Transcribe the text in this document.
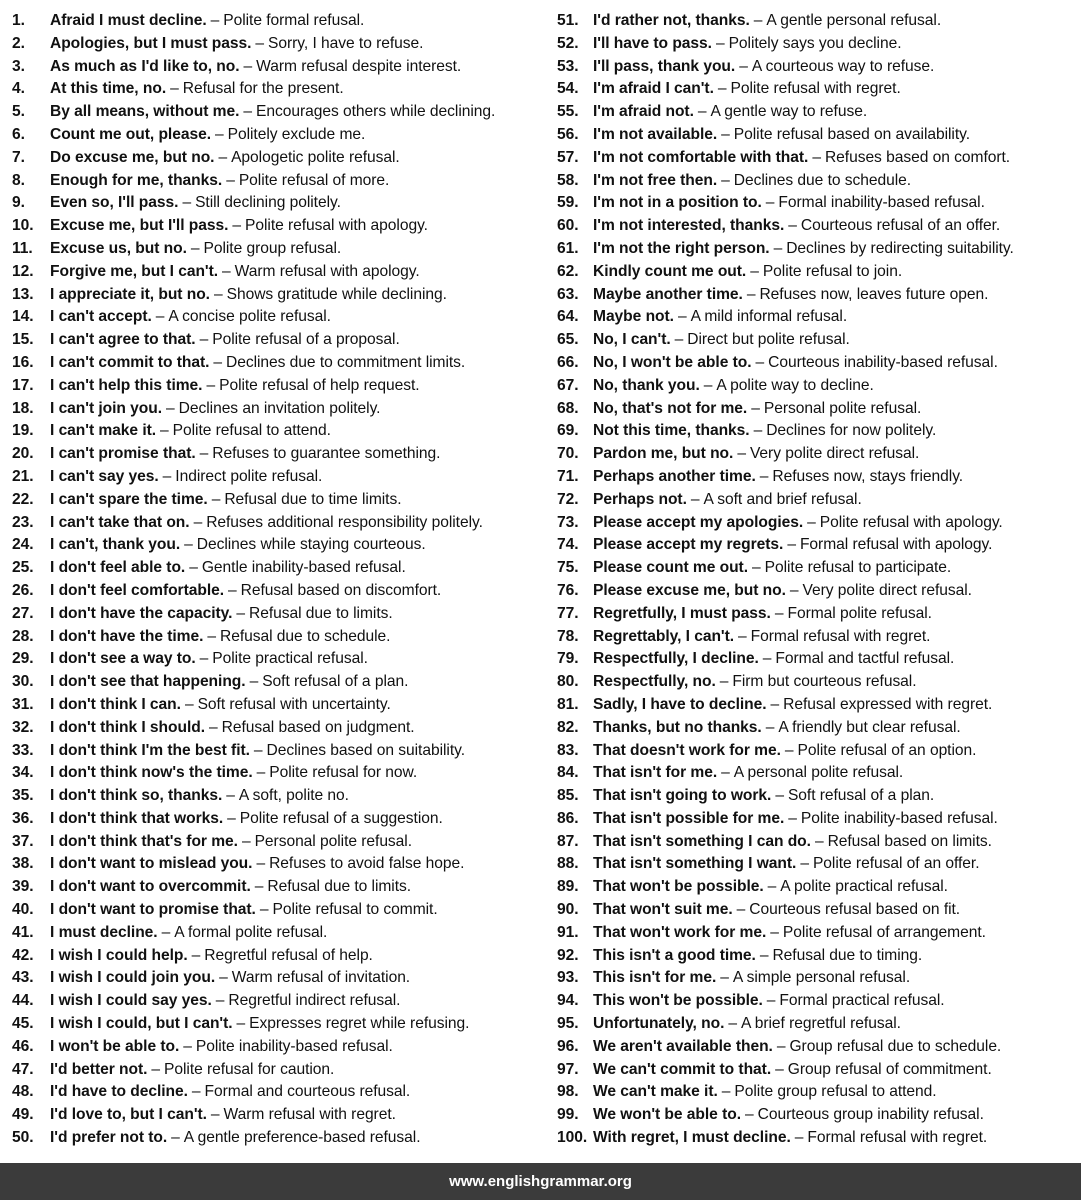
1.	Afraid I must decline. – Polite formal refusal.
2.	Apologies, but I must pass. – Sorry, I have to refuse.
3.	As much as I'd like to, no. – Warm refusal despite interest.
4.	At this time, no. – Refusal for the present.
5.	By all means, without me. – Encourages others while declining.
6.	Count me out, please. – Politely exclude me.
7.	Do excuse me, but no. – Apologetic polite refusal.
8.	Enough for me, thanks. – Polite refusal of more.
9.	Even so, I'll pass. – Still declining politely.
10.	Excuse me, but I'll pass. – Polite refusal with apology.
11.	Excuse us, but no. – Polite group refusal.
12.	Forgive me, but I can't. – Warm refusal with apology.
13.	I appreciate it, but no. – Shows gratitude while declining.
14.	I can't accept. – A concise polite refusal.
15.	I can't agree to that. – Polite refusal of a proposal.
16.	I can't commit to that. – Declines due to commitment limits.
17.	I can't help this time. – Polite refusal of help request.
18.	I can't join you. – Declines an invitation politely.
19.	I can't make it. – Polite refusal to attend.
20.	I can't promise that. – Refuses to guarantee something.
21.	I can't say yes. – Indirect polite refusal.
22.	I can't spare the time. – Refusal due to time limits.
23.	I can't take that on. – Refuses additional responsibility politely.
24.	I can't, thank you. – Declines while staying courteous.
25.	I don't feel able to. – Gentle inability-based refusal.
26.	I don't feel comfortable. – Refusal based on discomfort.
27.	I don't have the capacity. – Refusal due to limits.
28.	I don't have the time. – Refusal due to schedule.
29.	I don't see a way to. – Polite practical refusal.
30.	I don't see that happening. – Soft refusal of a plan.
31.	I don't think I can. – Soft refusal with uncertainty.
32.	I don't think I should. – Refusal based on judgment.
33.	I don't think I'm the best fit. – Declines based on suitability.
34.	I don't think now's the time. – Polite refusal for now.
35.	I don't think so, thanks. – A soft, polite no.
36.	I don't think that works. – Polite refusal of a suggestion.
37.	I don't think that's for me. – Personal polite refusal.
38.	I don't want to mislead you. – Refuses to avoid false hope.
39.	I don't want to overcommit. – Refusal due to limits.
40.	I don't want to promise that. – Polite refusal to commit.
41.	I must decline. – A formal polite refusal.
42.	I wish I could help. – Regretful refusal of help.
43.	I wish I could join you. – Warm refusal of invitation.
44.	I wish I could say yes. – Regretful indirect refusal.
45.	I wish I could, but I can't. – Expresses regret while refusing.
46.	I won't be able to. – Polite inability-based refusal.
47.	I'd better not. – Polite refusal for caution.
48.	I'd have to decline. – Formal and courteous refusal.
49.	I'd love to, but I can't. – Warm refusal with regret.
50.	I'd prefer not to. – A gentle preference-based refusal.
51. I'd rather not, thanks. – A gentle personal refusal.
52. I'll have to pass. – Politely says you decline.
53. I'll pass, thank you. – A courteous way to refuse.
54. I'm afraid I can't. – Polite refusal with regret.
55. I'm afraid not. – A gentle way to refuse.
56. I'm not available. – Polite refusal based on availability.
57. I'm not comfortable with that. – Refuses based on comfort.
58. I'm not free then. – Declines due to schedule.
59. I'm not in a position to. – Formal inability-based refusal.
60. I'm not interested, thanks. – Courteous refusal of an offer.
61. I'm not the right person. – Declines by redirecting suitability.
62. Kindly count me out. – Polite refusal to join.
63. Maybe another time. – Refuses now, leaves future open.
64. Maybe not. – A mild informal refusal.
65. No, I can't. – Direct but polite refusal.
66. No, I won't be able to. – Courteous inability-based refusal.
67. No, thank you. – A polite way to decline.
68. No, that's not for me. – Personal polite refusal.
69. Not this time, thanks. – Declines for now politely.
70. Pardon me, but no. – Very polite direct refusal.
71. Perhaps another time. – Refuses now, stays friendly.
72. Perhaps not. – A soft and brief refusal.
73. Please accept my apologies. – Polite refusal with apology.
74. Please accept my regrets. – Formal refusal with apology.
75. Please count me out. – Polite refusal to participate.
76. Please excuse me, but no. – Very polite direct refusal.
77. Regretfully, I must pass. – Formal polite refusal.
78. Regrettably, I can't. – Formal refusal with regret.
79. Respectfully, I decline. – Formal and tactful refusal.
80. Respectfully, no. – Firm but courteous refusal.
81. Sadly, I have to decline. – Refusal expressed with regret.
82. Thanks, but no thanks. – A friendly but clear refusal.
83. That doesn't work for me. – Polite refusal of an option.
84. That isn't for me. – A personal polite refusal.
85. That isn't going to work. – Soft refusal of a plan.
86. That isn't possible for me. – Polite inability-based refusal.
87. That isn't something I can do. – Refusal based on limits.
88. That isn't something I want. – Polite refusal of an offer.
89. That won't be possible. – A polite practical refusal.
90. That won't suit me. – Courteous refusal based on fit.
91. That won't work for me. – Polite refusal of arrangement.
92. This isn't a good time. – Refusal due to timing.
93. This isn't for me. – A simple personal refusal.
94. This won't be possible. – Formal practical refusal.
95. Unfortunately, no. – A brief regretful refusal.
96. We aren't available then. – Group refusal due to schedule.
97. We can't commit to that. – Group refusal of commitment.
98. We can't make it. – Polite group refusal to attend.
99. We won't be able to. – Courteous group inability refusal.
100. With regret, I must decline. – Formal refusal with regret.
www.englishgrammar.org
